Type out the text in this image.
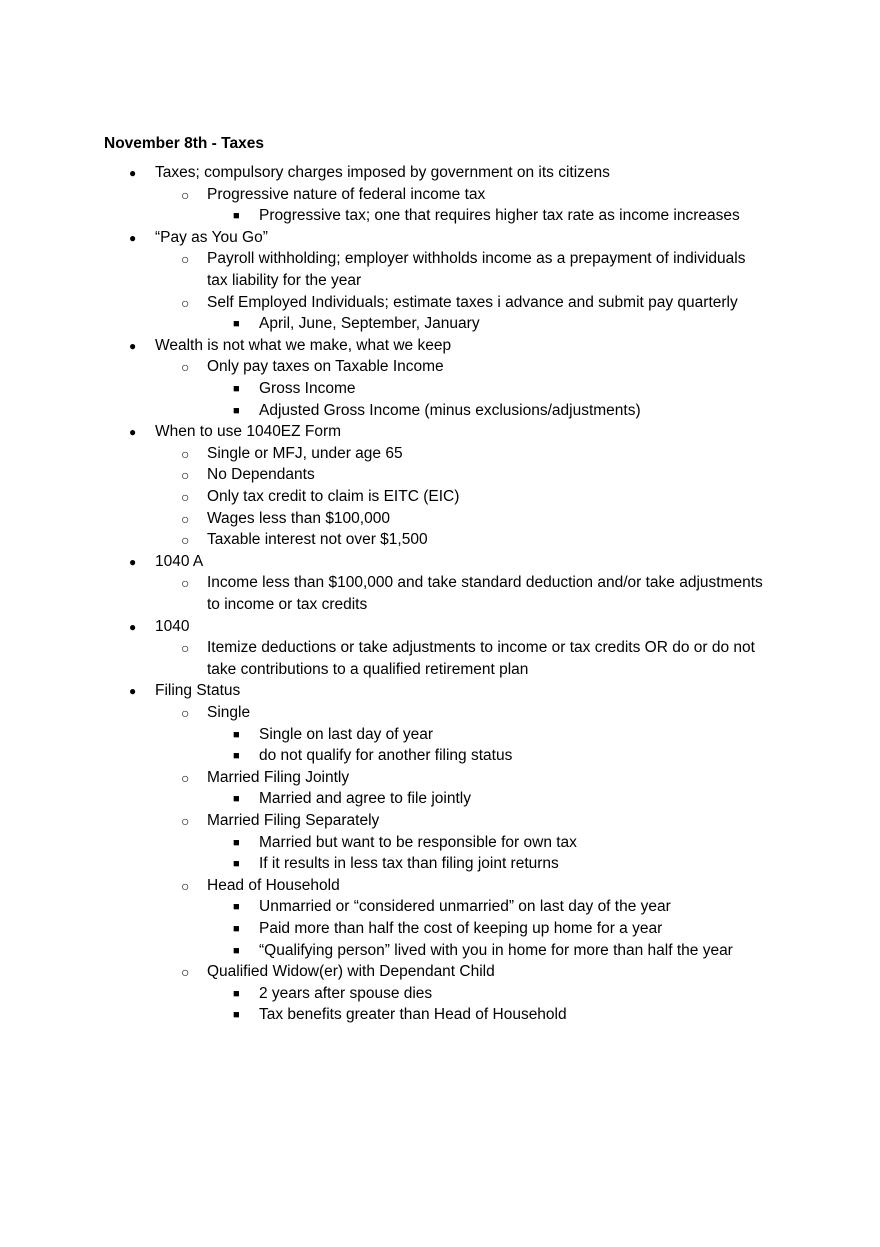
November 8th - Taxes
● Taxes; compulsory charges imposed by government on its citizens
○ Progressive nature of federal income tax
■ Progressive tax; one that requires higher tax rate as income increases
● “Pay as You Go”
○ Payroll withholding; employer withholds income as a prepayment of individuals
tax liability for the year
○ Self Employed Individuals; estimate taxes i advance and submit pay quarterly
■ April, June, September, January
● Wealth is not what we make, what we keep
○ Only pay taxes on Taxable Income
■ Gross Income
■ Adjusted Gross Income (minus exclusions/adjustments)
● When to use 1040EZ Form
○ Single or MFJ, under age 65
○ No Dependants
○ Only tax credit to claim is EITC (EIC)
○ Wages less than $100,000
○ Taxable interest not over $1,500
● 1040 A
○ Income less than $100,000 and take standard deduction and/or take adjustments
to income or tax credits
● 1040
○ Itemize deductions or take adjustments to income or tax credits OR do or do not
take contributions to a qualified retirement plan
● Filing Status
○ Single
■ Single on last day of year
■ do not qualify for another filing status
○ Married Filing Jointly
■ Married and agree to file jointly
○ Married Filing Separately
■ Married but want to be responsible for own tax
■ If it results in less tax than filing joint returns
○ Head of Household
■ Unmarried or “considered unmarried” on last day of the year
■ Paid more than half the cost of keeping up home for a year
■ “Qualifying person” lived with you in home for more than half the year
○ Qualified Widow(er) with Dependant Child
■ 2 years after spouse dies
■ Tax benefits greater than Head of Household
